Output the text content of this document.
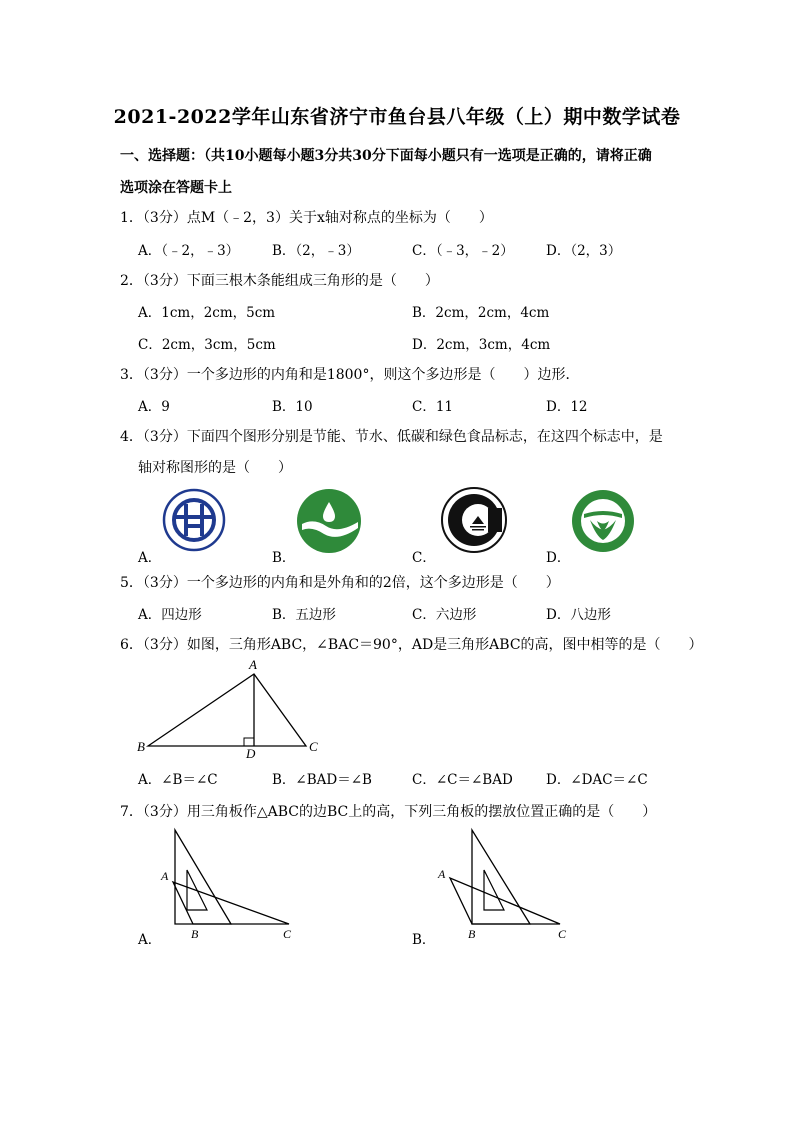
2021-2022学年山东省济宁市鱼台县八年级（上）期中数学试卷
一、选择题：（共10小题每小题3分共30分下面每小题只有一选项是正确的，请将正确
选项涂在答题卡上
1．（3分）点M（﹣2，3）关于x轴对称点的坐标为（　　）
A．（﹣2，﹣3） B．（2，﹣3）	C．（﹣3，﹣2） D．（2，3）
2．（3分）下面三根木条能组成三角形的是（　　）
A．1cm，2cm，5cm	B．2cm，2cm，4cm
C．2cm，3cm，5cm	D．2cm，3cm，4cm
3．（3分）一个多边形的内角和是1800°，则这个多边形是（　　）边形．
A．9	B．10	C．11	D．12
4．（3分）下面四个图形分别是节能、节水、低碳和绿色食品标志，在这四个标志中，是
轴对称图形的是（　　）
A．	B．	C．	D．
5．（3分）一个多边形的内角和是外角和的2倍，这个多边形是（　　）
A．四边形	B．五边形	C．六边形	D．八边形
6．（3分）如图，三角形ABC，∠BAC＝90°，AD是三角形ABC的高，图中相等的是（　　）
A
B	C
D
A．∠B＝∠C	B．∠BAD＝∠B	C．∠C＝∠BAD D．∠DAC＝∠C
7．（3分）用三角板作△ABC的边BC上的高，下列三角板的摆放位置正确的是（　　）
A
B	C
A．
A
B	C
B．
